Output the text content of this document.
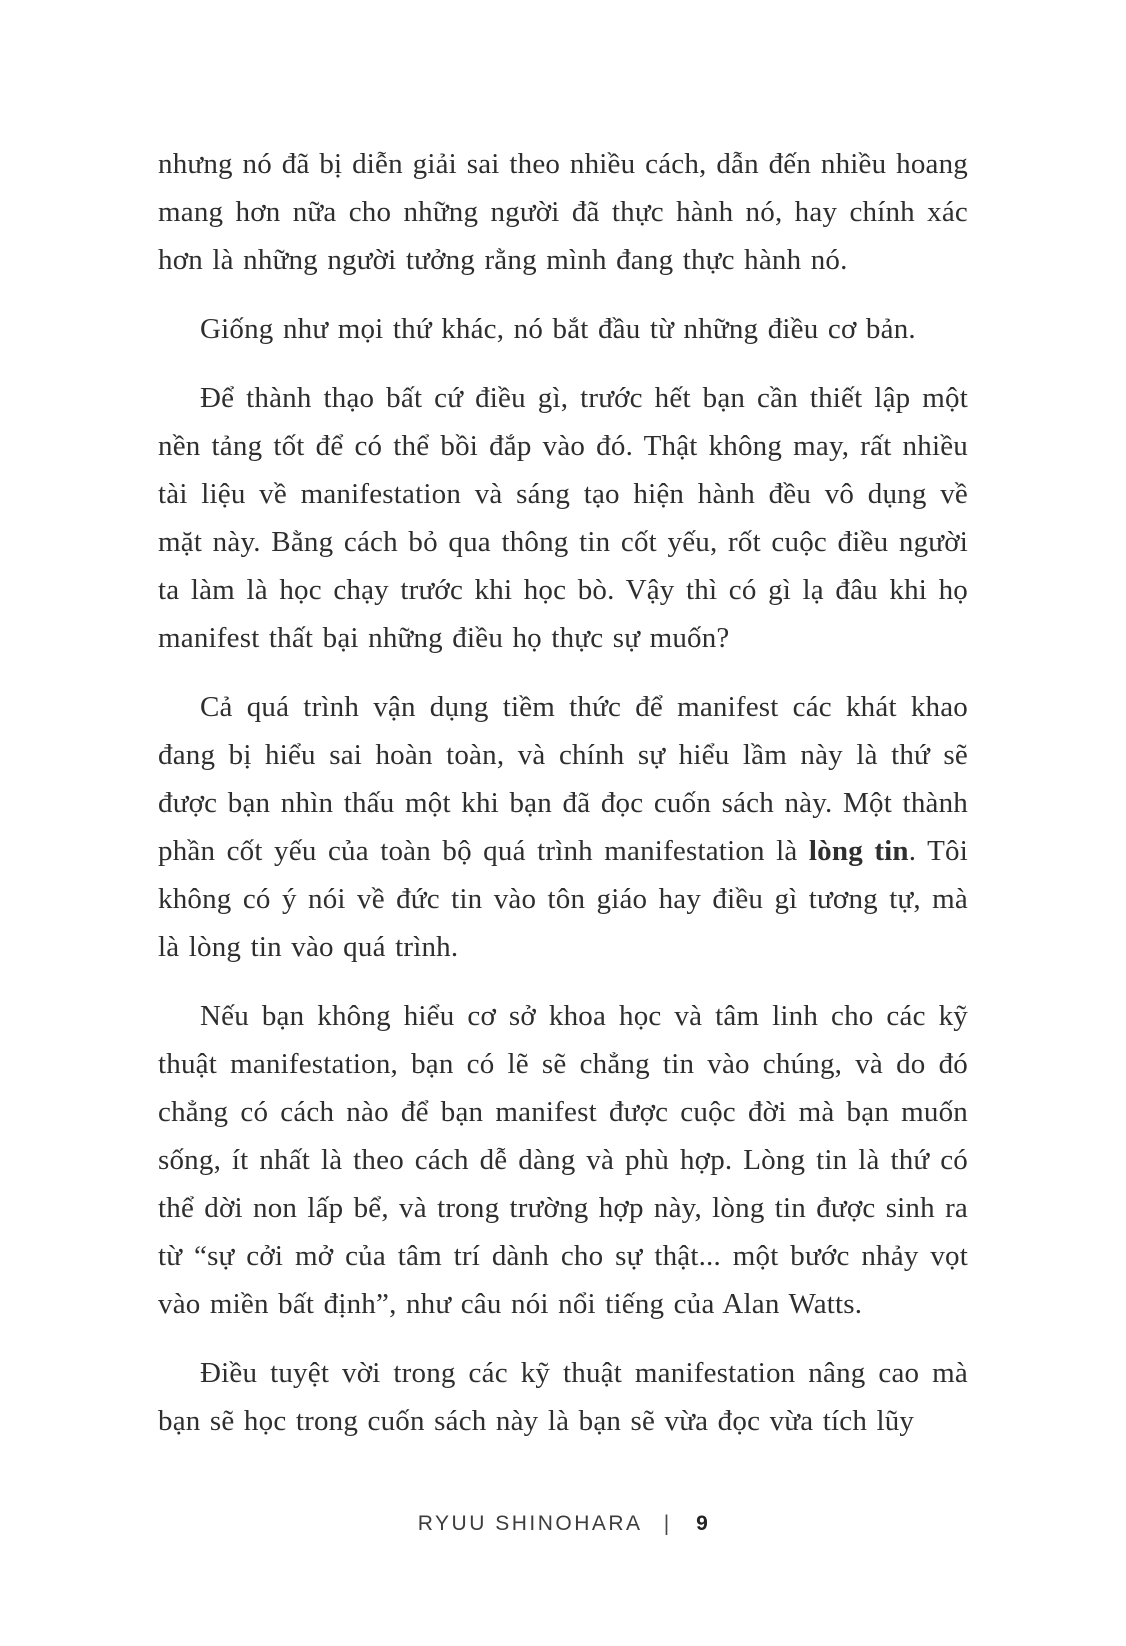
nhưng nó đã bị diễn giải sai theo nhiều cách, dẫn đến nhiều hoang mang hơn nữa cho những người đã thực hành nó, hay chính xác hơn là những người tưởng rằng mình đang thực hành nó.

Giống như mọi thứ khác, nó bắt đầu từ những điều cơ bản.

Để thành thạo bất cứ điều gì, trước hết bạn cần thiết lập một nền tảng tốt để có thể bồi đắp vào đó. Thật không may, rất nhiều tài liệu về manifestation và sáng tạo hiện hành đều vô dụng về mặt này. Bằng cách bỏ qua thông tin cốt yếu, rốt cuộc điều người ta làm là học chạy trước khi học bò. Vậy thì có gì lạ đâu khi họ manifest thất bại những điều họ thực sự muốn?

Cả quá trình vận dụng tiềm thức để manifest các khát khao đang bị hiểu sai hoàn toàn, và chính sự hiểu lầm này là thứ sẽ được bạn nhìn thấu một khi bạn đã đọc cuốn sách này. Một thành phần cốt yếu của toàn bộ quá trình manifestation là lòng tin. Tôi không có ý nói về đức tin vào tôn giáo hay điều gì tương tự, mà là lòng tin vào quá trình.

Nếu bạn không hiểu cơ sở khoa học và tâm linh cho các kỹ thuật manifestation, bạn có lẽ sẽ chẳng tin vào chúng, và do đó chẳng có cách nào để bạn manifest được cuộc đời mà bạn muốn sống, ít nhất là theo cách dễ dàng và phù hợp. Lòng tin là thứ có thể dời non lấp bể, và trong trường hợp này, lòng tin được sinh ra từ “sự cởi mở của tâm trí dành cho sự thật... một bước nhảy vọt vào miền bất định”, như câu nói nổi tiếng của Alan Watts.

Điều tuyệt vời trong các kỹ thuật manifestation nâng cao mà bạn sẽ học trong cuốn sách này là bạn sẽ vừa đọc vừa tích lũy

RYUU SHINOHARA | 9
